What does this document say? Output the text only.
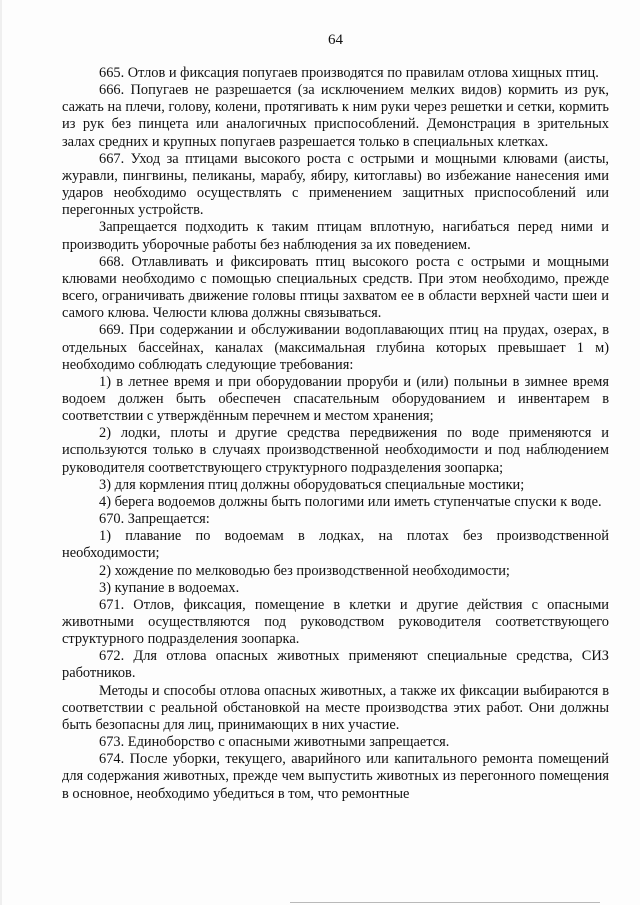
64

665. Отлов и фиксация попугаев производятся по правилам отлова хищных птиц.

666. Попугаев не разрешается (за исключением мелких видов) кормить из рук, сажать на плечи, голову, колени, протягивать к ним руки через решетки и сетки, кормить из рук без пинцета или аналогичных приспособлений. Демонстрация в зрительных залах средних и крупных попугаев разрешается только в специальных клетках.

667. Уход за птицами высокого роста с острыми и мощными клювами (аисты, журавли, пингвины, пеликаны, марабу, ябиру, китоглавы) во избежание нанесения ими ударов необходимо осуществлять с применением защитных приспособлений или перегонных устройств.

Запрещается подходить к таким птицам вплотную, нагибаться перед ними и производить уборочные работы без наблюдения за их поведением.

668. Отлавливать и фиксировать птиц высокого роста с острыми и мощными клювами необходимо с помощью специальных средств. При этом необходимо, прежде всего, ограничивать движение головы птицы захватом ее в области верхней части шеи и самого клюва. Челюсти клюва должны связываться.

669. При содержании и обслуживании водоплавающих птиц на прудах, озерах, в отдельных бассейнах, каналах (максимальная глубина которых превышает 1 м) необходимо соблюдать следующие требования:

1) в летнее время и при оборудовании проруби и (или) полыньи в зимнее время водоем должен быть обеспечен спасательным оборудованием и инвентарем в соответствии с утверждённым перечнем и местом хранения;

2) лодки, плоты и другие средства передвижения по воде применяются и используются только в случаях производственной необходимости и под наблюдением руководителя соответствующего структурного подразделения зоопарка;

3) для кормления птиц должны оборудоваться специальные мостики;

4) берега водоемов должны быть пологими или иметь ступенчатые спуски к воде.

670. Запрещается:

1) плавание по водоемам в лодках, на плотах без производственной необходимости;

2) хождение по мелководью без производственной необходимости;

3) купание в водоемах.

671. Отлов, фиксация, помещение в клетки и другие действия с опасными животными осуществляются под руководством руководителя соответствующего структурного подразделения зоопарка.

672. Для отлова опасных животных применяют специальные средства, СИЗ работников.

Методы и способы отлова опасных животных, а также их фиксации выбираются в соответствии с реальной обстановкой на месте производства этих работ. Они должны быть безопасны для лиц, принимающих в них участие.

673. Единоборство с опасными животными запрещается.

674. После уборки, текущего, аварийного или капитального ремонта помещений для содержания животных, прежде чем выпустить животных из перегонного помещения в основное, необходимо убедиться в том, что ремонтные
